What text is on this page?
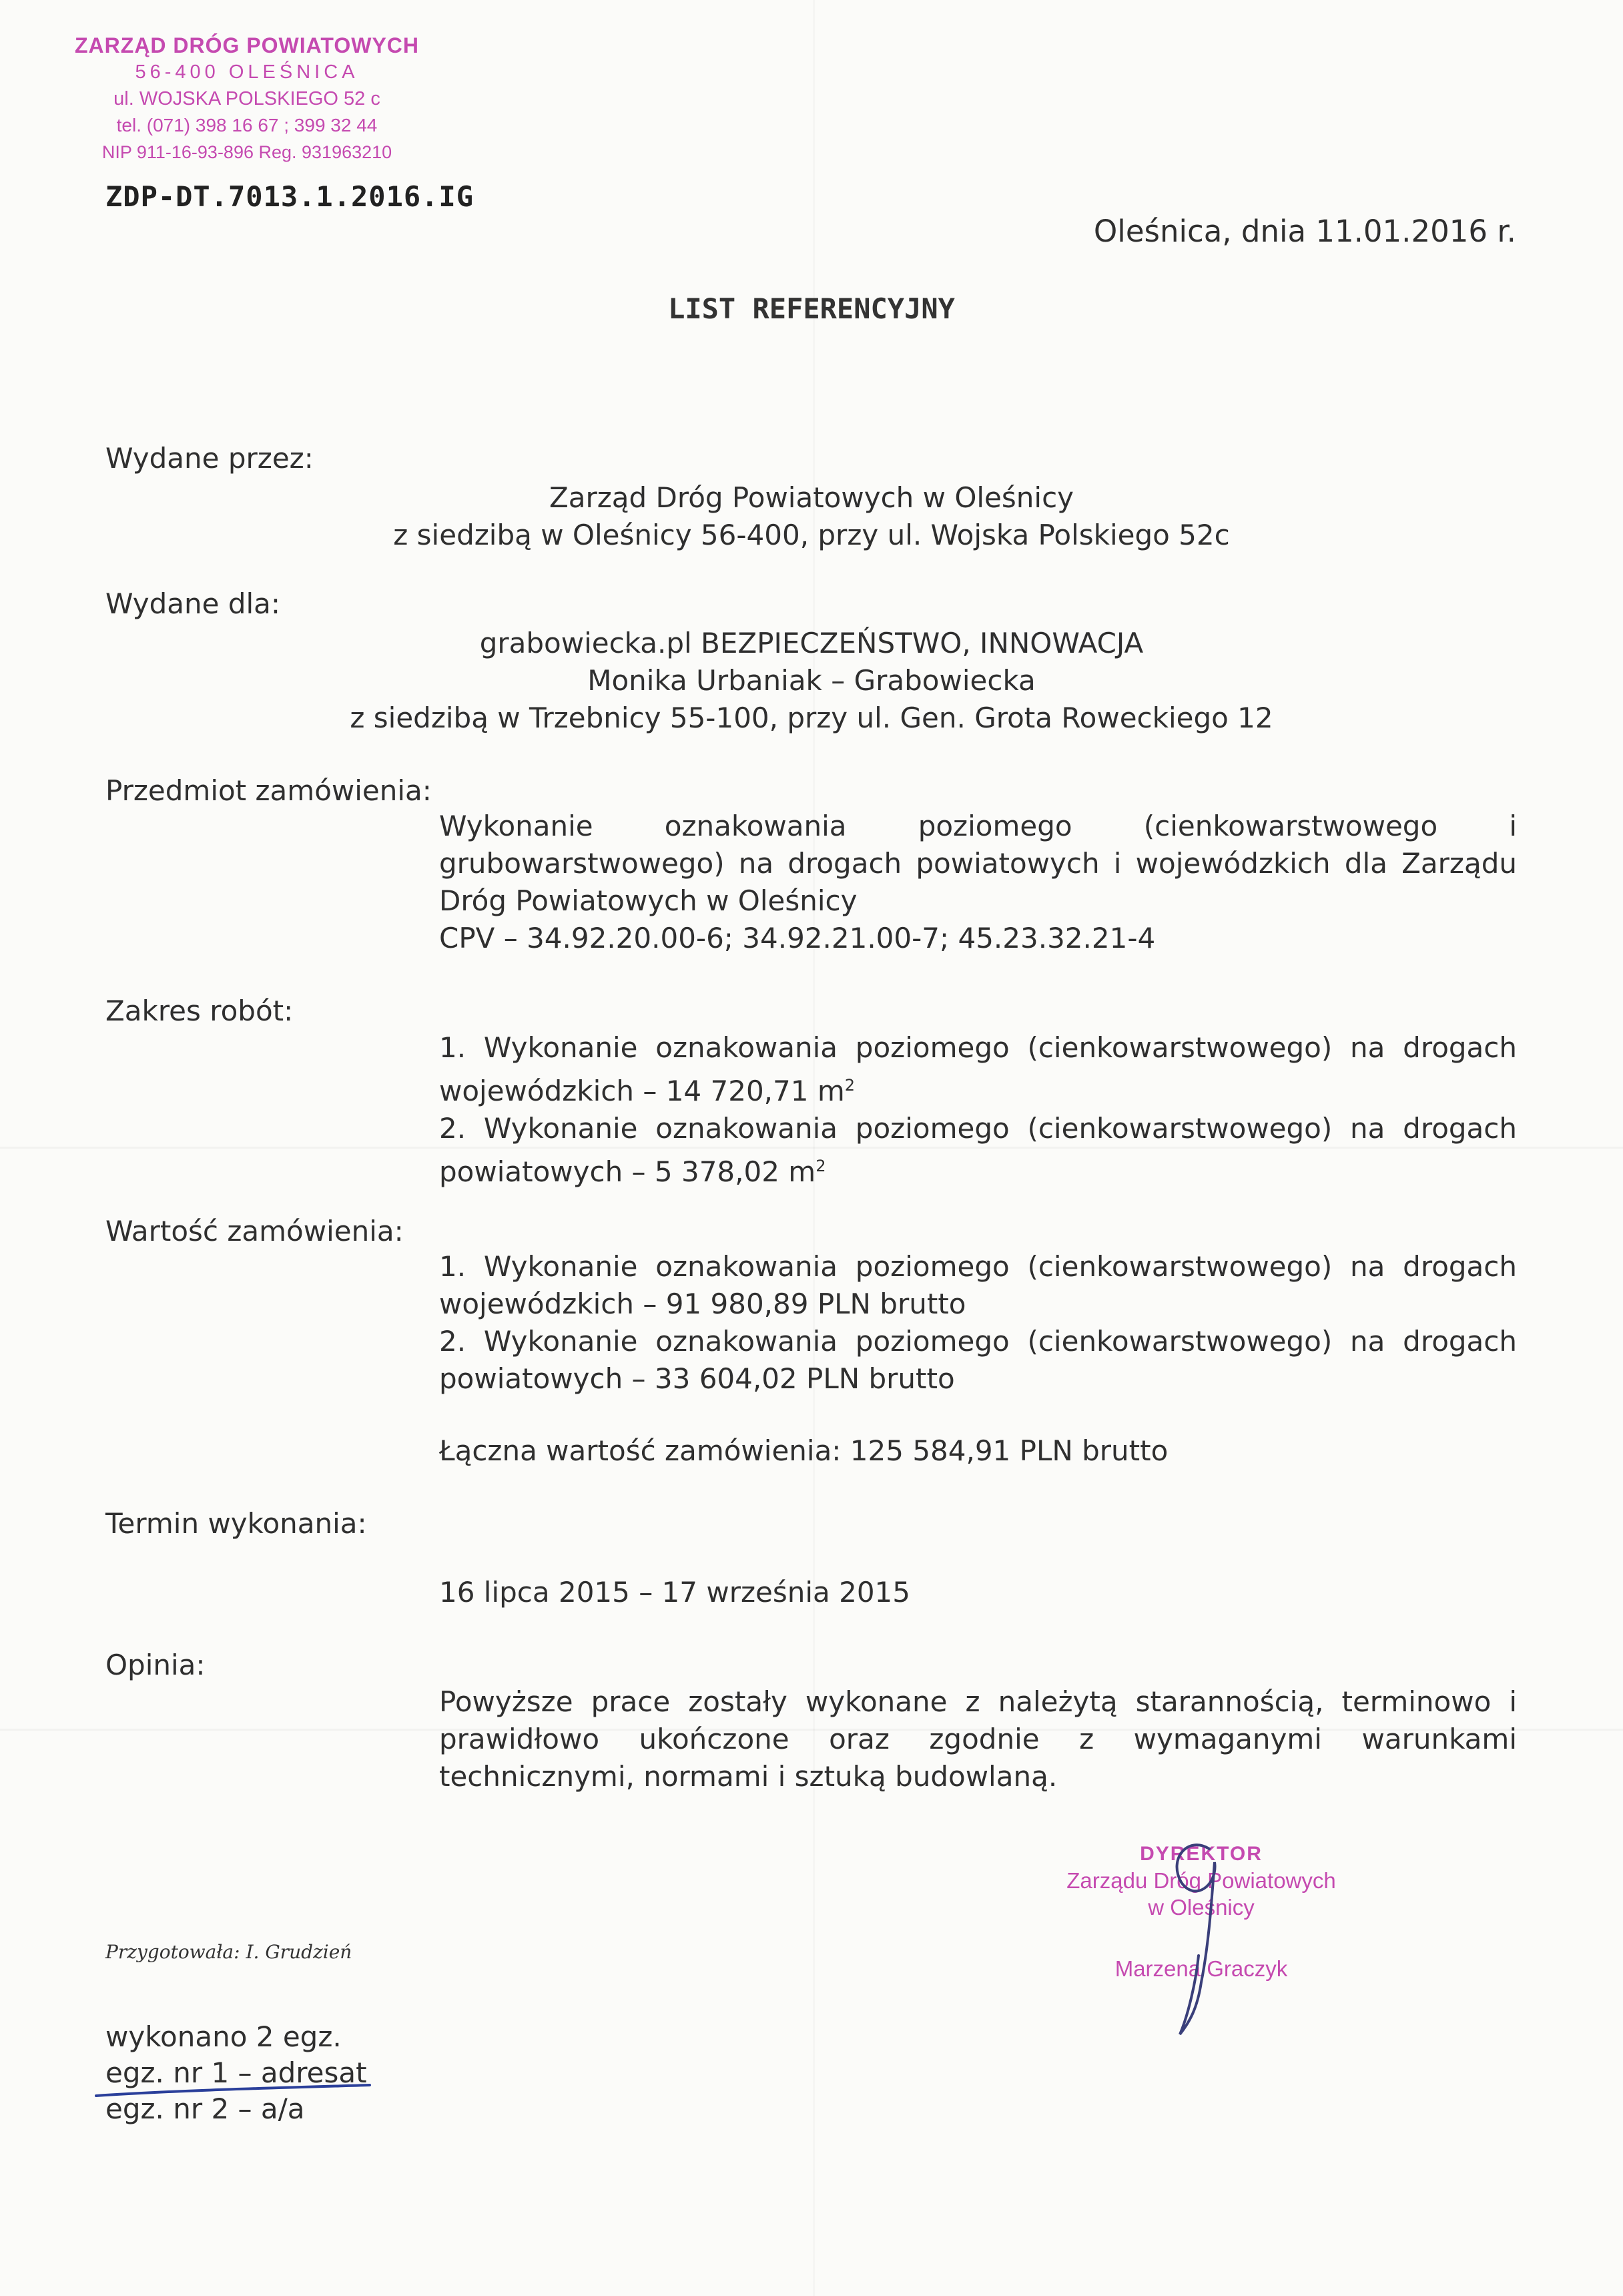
ZARZĄD DRÓG POWIATOWYCH
56-400 OLEŚNICA
ul. WOJSKA POLSKIEGO 52 c
tel. (071) 398 16 67 ; 399 32 44
NIP 911-16-93-896 Reg. 931963210
ZDP-DT.7013.1.2016.IG
Oleśnica, dnia 11.01.2016 r.
LIST REFERENCYJNY
Wydane przez:
Zarząd Dróg Powiatowych w Oleśnicy
z siedzibą w Oleśnicy 56-400, przy ul. Wojska Polskiego 52c
Wydane dla:
grabowiecka.pl BEZPIECZEŃSTWO, INNOWACJA
Monika Urbaniak – Grabowiecka
z siedzibą w Trzebnicy 55-100, przy ul. Gen. Grota Roweckiego 12
Przedmiot zamówienia:

Wykonanie oznakowania poziomego (cienkowarstwowego i grubowarstwowego) na drogach powiatowych i wojewódzkich dla Zarządu Dróg Powiatowych w Oleśnicy

CPV – 34.92.20.00-6; 34.92.21.00-7; 45.23.32.21-4

Zakres robót:

1. Wykonanie oznakowania poziomego (cienkowarstwowego) na drogach wojewódzkich – 14 720,71 $m^2$

2. Wykonanie oznakowania poziomego (cienkowarstwowego) na drogach powiatowych – 5 378,02 $m^2$

Wartość zamówienia:

1. Wykonanie oznakowania poziomego (cienkowarstwowego) na drogach wojewódzkich – 91 980,89 PLN brutto

2. Wykonanie oznakowania poziomego (cienkowarstwowego) na drogach powiatowych – 33 604,02 PLN brutto

Łączna wartość zamówienia: 125 584,91 PLN brutto

Termin wykonania:
16 lipca 2015 – 17 września 2015
Opinia:
Powyższe prace zostały wykonane z należytą starannością, terminowo i prawidłowo ukończone oraz zgodnie z wymaganymi warunkami technicznymi, normami i sztuką budowlaną.
DYREKTOR
Zarządu Dróg Powiatowych
w Oleśnicy
Marzena Graczyk
Przygotowała: I. Grudzień

wykonano 2 egz.

egz. nr 1 – adresat

egz. nr 2 – a/a
